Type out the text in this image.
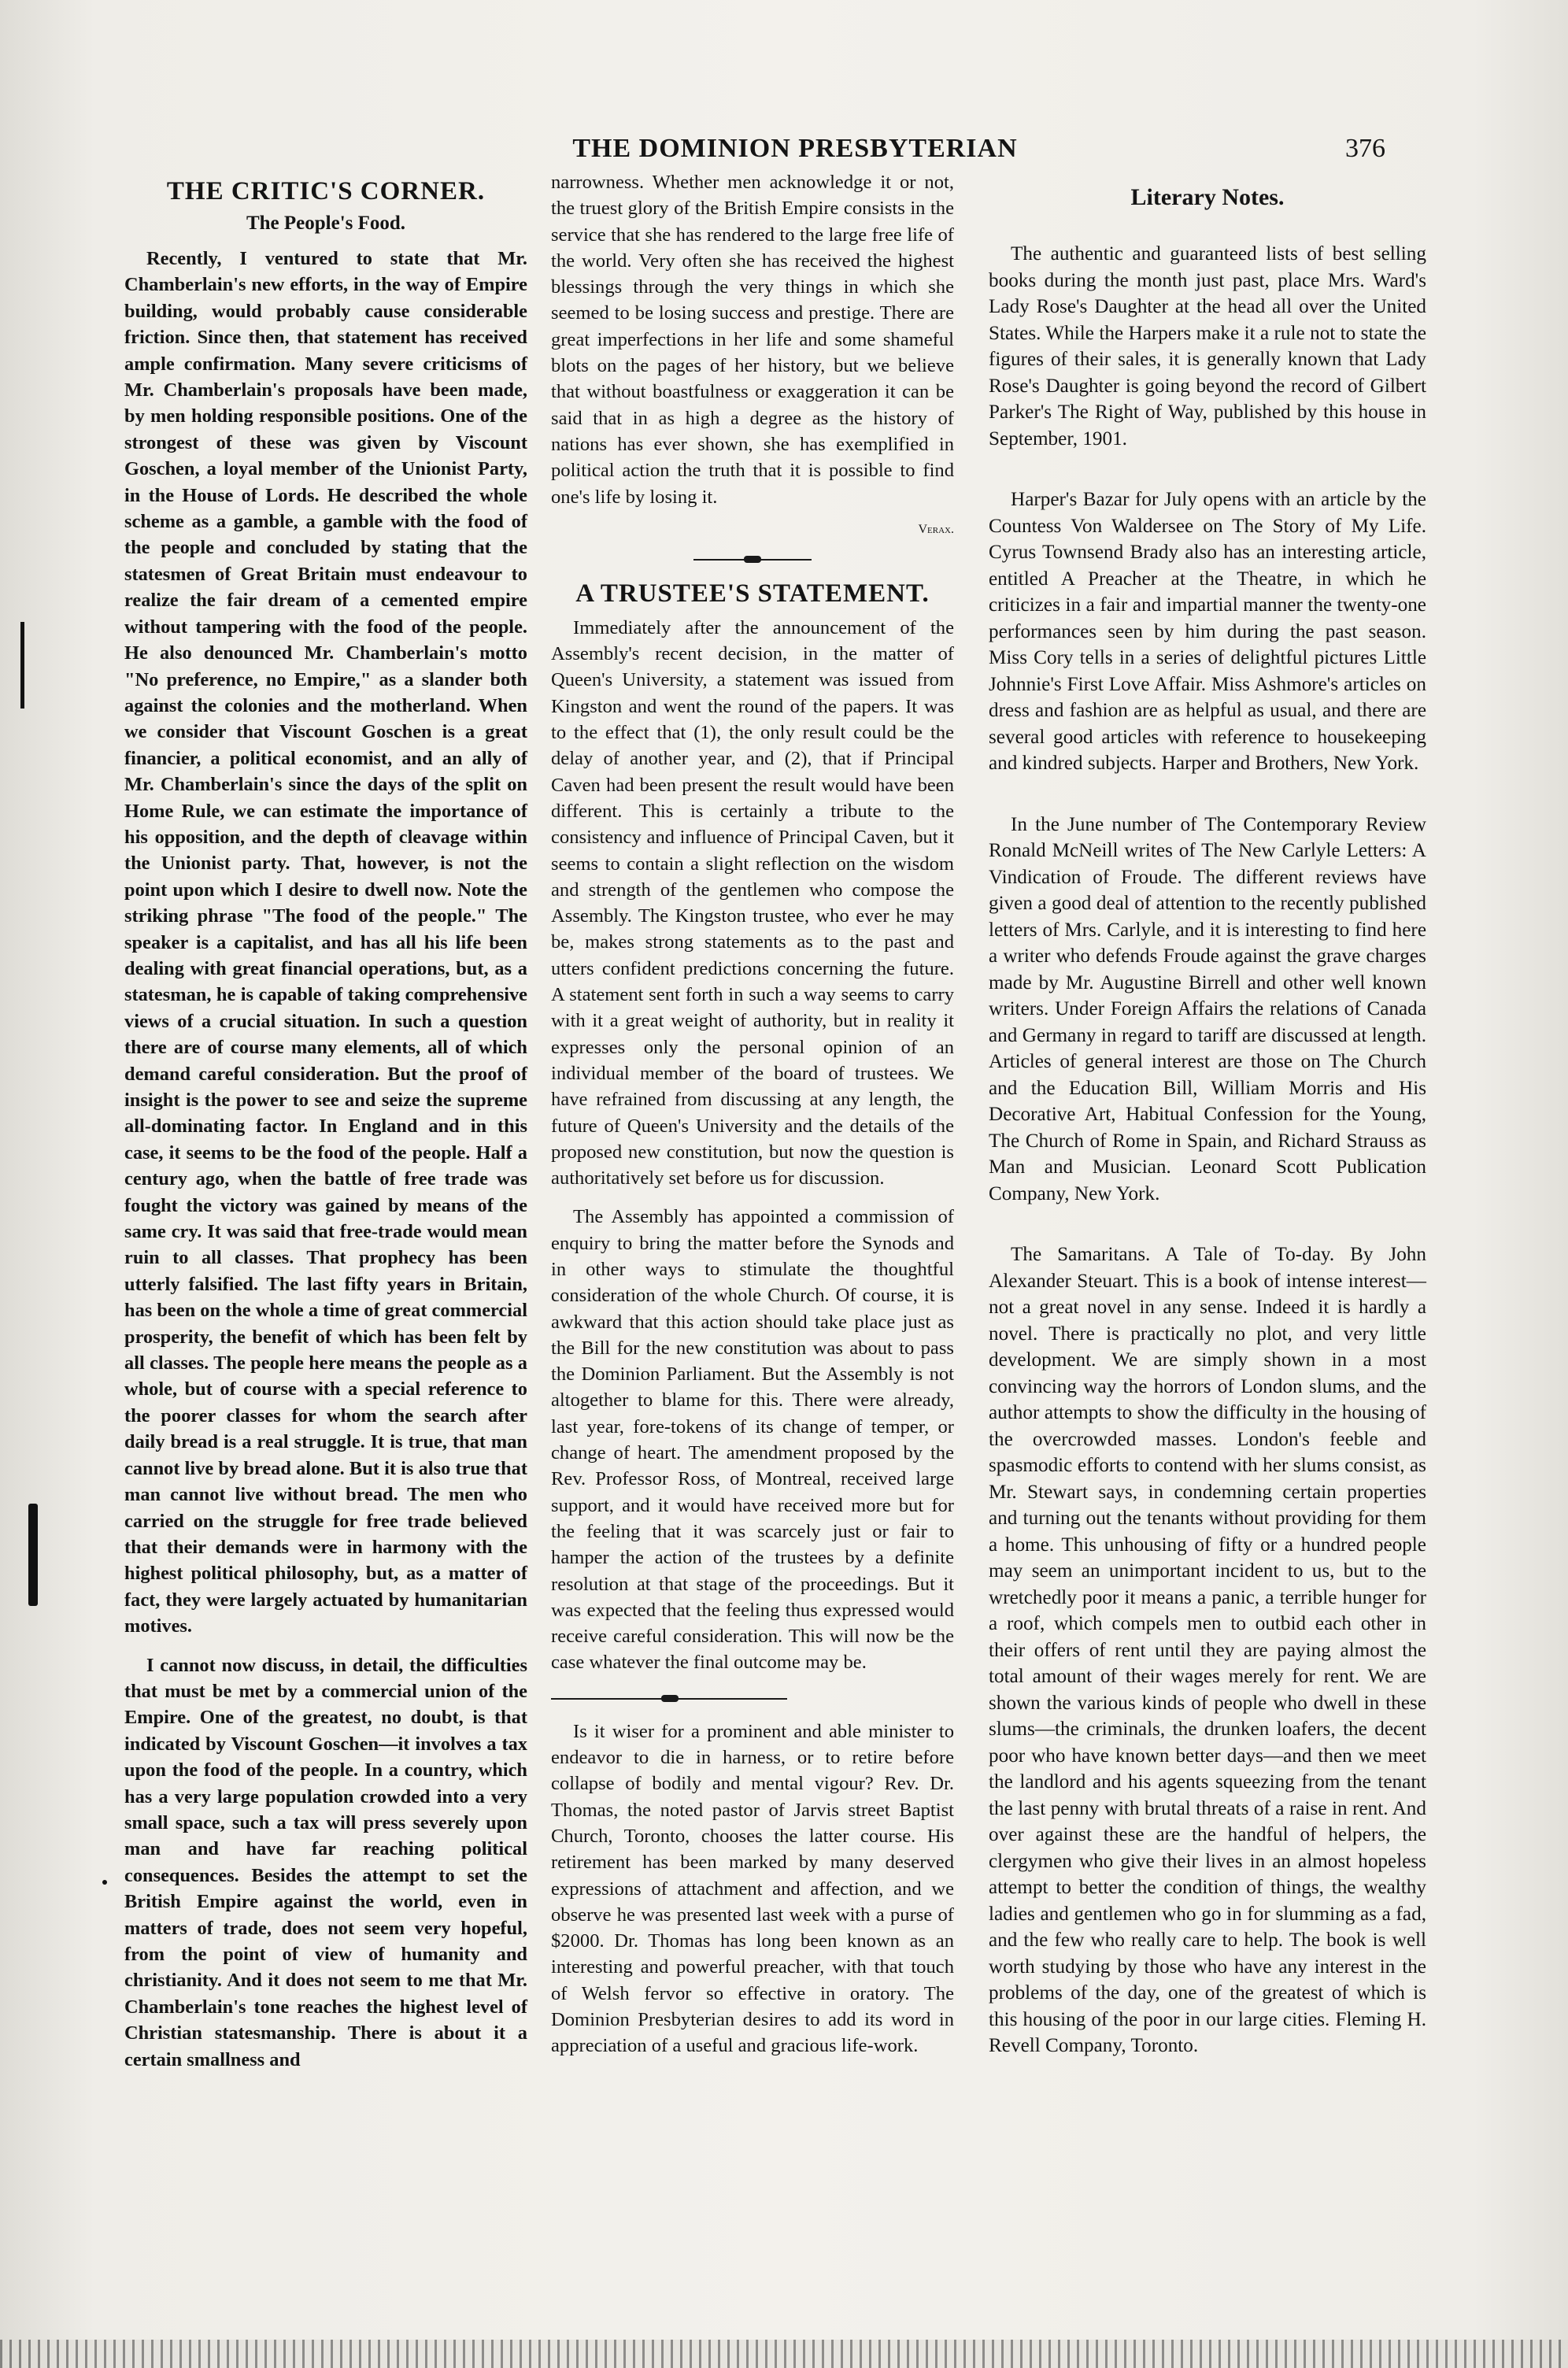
THE DOMINION PRESBYTERIAN	376
THE CRITIC'S CORNER.
The People's Food.

Recently, I ventured to state that Mr. Chamberlain's new efforts, in the way of Empire building, would probably cause considerable friction. Since then, that statement has received ample confirmation. Many severe criticisms of Mr. Chamberlain's proposals have been made, by men holding responsible positions. One of the strongest of these was given by Viscount Goschen, a loyal member of the Unionist Party, in the House of Lords. He described the whole scheme as a gamble, a gamble with the food of the people and concluded by stating that the statesmen of Great Britain must endeavour to realize the fair dream of a cemented empire without tampering with the food of the people. He also denounced Mr. Chamberlain's motto "No preference, no Empire," as a slander both against the colonies and the motherland. When we consider that Viscount Goschen is a great financier, a political economist, and an ally of Mr. Chamberlain's since the days of the split on Home Rule, we can estimate the importance of his opposition, and the depth of cleavage within the Unionist party. That, however, is not the point upon which I desire to dwell now. Note the striking phrase "The food of the people." The speaker is a capitalist, and has all his life been dealing with great financial operations, but, as a statesman, he is capable of taking comprehensive views of a crucial situation. In such a question there are of course many elements, all of which demand careful consideration. But the proof of insight is the power to see and seize the supreme all-dominating factor. In England and in this case, it seems to be the food of the people. Half a century ago, when the battle of free trade was fought the victory was gained by means of the same cry. It was said that free-trade would mean ruin to all classes. That prophecy has been utterly falsified. The last fifty years in Britain, has been on the whole a time of great commercial prosperity, the benefit of which has been felt by all classes. The people here means the people as a whole, but of course with a special reference to the poorer classes for whom the search after daily bread is a real struggle. It is true, that man cannot live by bread alone. But it is also true that man cannot live without bread. The men who carried on the struggle for free trade believed that their demands were in harmony with the highest political philosophy, but, as a matter of fact, they were largely actuated by humanitarian motives.

I cannot now discuss, in detail, the difficulties that must be met by a commercial union of the Empire. One of the greatest, no doubt, is that indicated by Viscount Goschen—it involves a tax upon the food of the people. In a country, which has a very large population crowded into a very small space, such a tax will press severely upon man and have far reaching political consequences. Besides the attempt to set the British Empire against the world, even in matters of trade, does not seem very hopeful, from the point of view of humanity and christianity. And it does not seem to me that Mr. Chamberlain's tone reaches the highest level of Christian statesmanship. There is about it a certain smallness and

narrowness. Whether men acknowledge it or not, the truest glory of the British Empire consists in the service that she has rendered to the large free life of the world. Very often she has received the highest blessings through the very things in which she seemed to be losing success and prestige. There are great imperfections in her life and some shameful blots on the pages of her history, but we believe that without boastfulness or exaggeration it can be said that in as high a degree as the history of nations has ever shown, she has exemplified in political action the truth that it is possible to find one's life by losing it.

Verax.
A TRUSTEE'S STATEMENT.

Immediately after the announcement of the Assembly's recent decision, in the matter of Queen's University, a statement was issued from Kingston and went the round of the papers. It was to the effect that (1), the only result could be the delay of another year, and (2), that if Principal Caven had been present the result would have been different. This is certainly a tribute to the consistency and influence of Principal Caven, but it seems to contain a slight reflection on the wisdom and strength of the gentlemen who compose the Assembly. The Kingston trustee, who ever he may be, makes strong statements as to the past and utters confident predictions concerning the future. A statement sent forth in such a way seems to carry with it a great weight of authority, but in reality it expresses only the personal opinion of an individual member of the board of trustees. We have refrained from discussing at any length, the future of Queen's University and the details of the proposed new constitution, but now the question is authoritatively set before us for discussion.

The Assembly has appointed a commission of enquiry to bring the matter before the Synods and in other ways to stimulate the thoughtful consideration of the whole Church. Of course, it is awkward that this action should take place just as the Bill for the new constitution was about to pass the Dominion Parliament. But the Assembly is not altogether to blame for this. There were already, last year, fore-tokens of its change of temper, or change of heart. The amendment proposed by the Rev. Professor Ross, of Montreal, received large support, and it would have received more but for the feeling that it was scarcely just or fair to hamper the action of the trustees by a definite resolution at that stage of the proceedings. But it was expected that the feeling thus expressed would receive careful consideration. This will now be the case whatever the final outcome may be.

Is it wiser for a prominent and able minister to endeavor to die in harness, or to retire before collapse of bodily and mental vigour? Rev. Dr. Thomas, the noted pastor of Jarvis street Baptist Church, Toronto, chooses the latter course. His retirement has been marked by many deserved expressions of attachment and affection, and we observe he was presented last week with a purse of $2000. Dr. Thomas has long been known as an interesting and powerful preacher, with that touch of Welsh fervor so effective in oratory. The Dominion Presbyterian desires to add its word in appreciation of a useful and gracious life-work.

Literary Notes.

The authentic and guaranteed lists of best selling books during the month just past, place Mrs. Ward's Lady Rose's Daughter at the head all over the United States. While the Harpers make it a rule not to state the figures of their sales, it is generally known that Lady Rose's Daughter is going beyond the record of Gilbert Parker's The Right of Way, published by this house in September, 1901.

Harper's Bazar for July opens with an article by the Countess Von Waldersee on The Story of My Life. Cyrus Townsend Brady also has an interesting article, entitled A Preacher at the Theatre, in which he criticizes in a fair and impartial manner the twenty-one performances seen by him during the past season. Miss Cory tells in a series of delightful pictures Little Johnnie's First Love Affair. Miss Ashmore's articles on dress and fashion are as helpful as usual, and there are several good articles with reference to housekeeping and kindred subjects. Harper and Brothers, New York.

In the June number of The Contemporary Review Ronald McNeill writes of The New Carlyle Letters: A Vindication of Froude. The different reviews have given a good deal of attention to the recently published letters of Mrs. Carlyle, and it is interesting to find here a writer who defends Froude against the grave charges made by Mr. Augustine Birrell and other well known writers. Under Foreign Affairs the relations of Canada and Germany in regard to tariff are discussed at length. Articles of general interest are those on The Church and the Education Bill, William Morris and His Decorative Art, Habitual Confession for the Young, The Church of Rome in Spain, and Richard Strauss as Man and Musician. Leonard Scott Publication Company, New York.

The Samaritans. A Tale of To-day. By John Alexander Steuart. This is a book of intense interest—not a great novel in any sense. Indeed it is hardly a novel. There is practically no plot, and very little development. We are simply shown in a most convincing way the horrors of London slums, and the author attempts to show the difficulty in the housing of the overcrowded masses. London's feeble and spasmodic efforts to contend with her slums consist, as Mr. Stewart says, in condemning certain properties and turning out the tenants without providing for them a home. This unhousing of fifty or a hundred people may seem an unimportant incident to us, but to the wretchedly poor it means a panic, a terrible hunger for a roof, which compels men to outbid each other in their offers of rent until they are paying almost the total amount of their wages merely for rent. We are shown the various kinds of people who dwell in these slums—the criminals, the drunken loafers, the decent poor who have known better days—and then we meet the landlord and his agents squeezing from the tenant the last penny with brutal threats of a raise in rent. And over against these are the handful of helpers, the clergymen who give their lives in an almost hopeless attempt to better the condition of things, the wealthy ladies and gentlemen who go in for slumming as a fad, and the few who really care to help. The book is well worth studying by those who have any interest in the problems of the day, one of the greatest of which is this housing of the poor in our large cities. Fleming H. Revell Company, Toronto.
